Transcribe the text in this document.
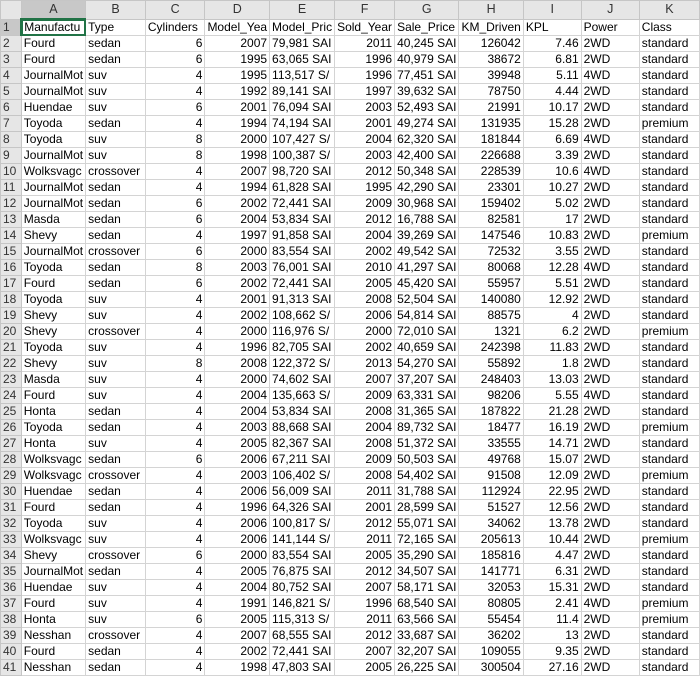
	A	B	C	D	E	F	G	H	I	J	K
1	Manufactu	Type	Cylinders	Model_Yea	Model_Pric	Sold_Year	Sale_Price	KM_Driven	KPL	Power	Class
2	Fourd	sedan	6	2007	79,981 SAI	2011	40,245 SAI	126042	7.46	2WD	standard
3	Fourd	sedan	6	1995	63,065 SAI	1996	40,979 SAI	38672	6.81	2WD	standard
4	JournalMot	suv	4	1995	113,517 S/	1996	77,451 SAI	39948	5.11	4WD	standard
5	JournalMot	suv	4	1992	89,141 SAI	1997	39,632 SAI	78750	4.44	2WD	standard
6	Huendae	suv	6	2001	76,094 SAI	2003	52,493 SAI	21991	10.17	2WD	standard
7	Toyoda	sedan	4	1994	74,194 SAI	2001	49,274 SAI	131935	15.28	2WD	premium
8	Toyoda	suv	8	2000	107,427 S/	2004	62,320 SAI	181844	6.69	4WD	standard
9	JournalMot	suv	8	1998	100,387 S/	2003	42,400 SAI	226688	3.39	2WD	standard
10	Wolksvagc	crossover	4	2007	98,720 SAI	2012	50,348 SAI	228539	10.6	4WD	standard
11	JournalMot	sedan	4	1994	61,828 SAI	1995	42,290 SAI	23301	10.27	2WD	standard
12	JournalMot	sedan	6	2002	72,441 SAI	2009	30,968 SAI	159402	5.02	2WD	standard
13	Masda	sedan	6	2004	53,834 SAI	2012	16,788 SAI	82581	17	2WD	standard
14	Shevy	sedan	4	1997	91,858 SAI	2004	39,269 SAI	147546	10.83	2WD	premium
15	JournalMot	crossover	6	2000	83,554 SAI	2002	49,542 SAI	72532	3.55	2WD	standard
16	Toyoda	sedan	8	2003	76,001 SAI	2010	41,297 SAI	80068	12.28	4WD	standard
17	Fourd	sedan	6	2002	72,441 SAI	2005	45,420 SAI	55957	5.51	2WD	standard
18	Toyoda	suv	4	2001	91,313 SAI	2008	52,504 SAI	140080	12.92	2WD	standard
19	Shevy	suv	4	2002	108,662 S/	2006	54,814 SAI	88575	4	2WD	standard
20	Shevy	crossover	4	2000	116,976 S/	2000	72,010 SAI	1321	6.2	2WD	premium
21	Toyoda	suv	4	1996	82,705 SAI	2002	40,659 SAI	242398	11.83	2WD	standard
22	Shevy	suv	8	2008	122,372 S/	2013	54,270 SAI	55892	1.8	2WD	standard
23	Masda	suv	4	2000	74,602 SAI	2007	37,207 SAI	248403	13.03	2WD	standard
24	Fourd	suv	4	2004	135,663 S/	2009	63,331 SAI	98206	5.55	4WD	standard
25	Honta	sedan	4	2004	53,834 SAI	2008	31,365 SAI	187822	21.28	2WD	standard
26	Toyoda	sedan	4	2003	88,668 SAI	2004	89,732 SAI	18477	16.19	2WD	premium
27	Honta	suv	4	2005	82,367 SAI	2008	51,372 SAI	33555	14.71	2WD	standard
28	Wolksvagc	sedan	6	2006	67,211 SAI	2009	50,503 SAI	49768	15.07	2WD	standard
29	Wolksvagc	crossover	4	2003	106,402 S/	2008	54,402 SAI	91508	12.09	2WD	premium
30	Huendae	sedan	4	2006	56,009 SAI	2011	31,788 SAI	112924	22.95	2WD	standard
31	Fourd	sedan	4	1996	64,326 SAI	2001	28,599 SAI	51527	12.56	2WD	standard
32	Toyoda	suv	4	2006	100,817 S/	2012	55,071 SAI	34062	13.78	2WD	standard
33	Wolksvagc	suv	4	2006	141,144 S/	2011	72,165 SAI	205613	10.44	2WD	premium
34	Shevy	crossover	6	2000	83,554 SAI	2005	35,290 SAI	185816	4.47	2WD	standard
35	JournalMot	sedan	4	2005	76,875 SAI	2012	34,507 SAI	141771	6.31	2WD	standard
36	Huendae	suv	4	2004	80,752 SAI	2007	58,171 SAI	32053	15.31	2WD	standard
37	Fourd	suv	4	1991	146,821 S/	1996	68,540 SAI	80805	2.41	4WD	premium
38	Honta	suv	6	2005	115,313 S/	2011	63,566 SAI	55454	11.4	2WD	premium
39	Nesshan	crossover	4	2007	68,555 SAI	2012	33,687 SAI	36202	13	2WD	standard
40	Fourd	sedan	4	2002	72,441 SAI	2007	32,207 SAI	109055	9.35	2WD	standard
41	Nesshan	sedan	4	1998	47,803 SAI	2005	26,225 SAI	300504	27.16	2WD	standard
